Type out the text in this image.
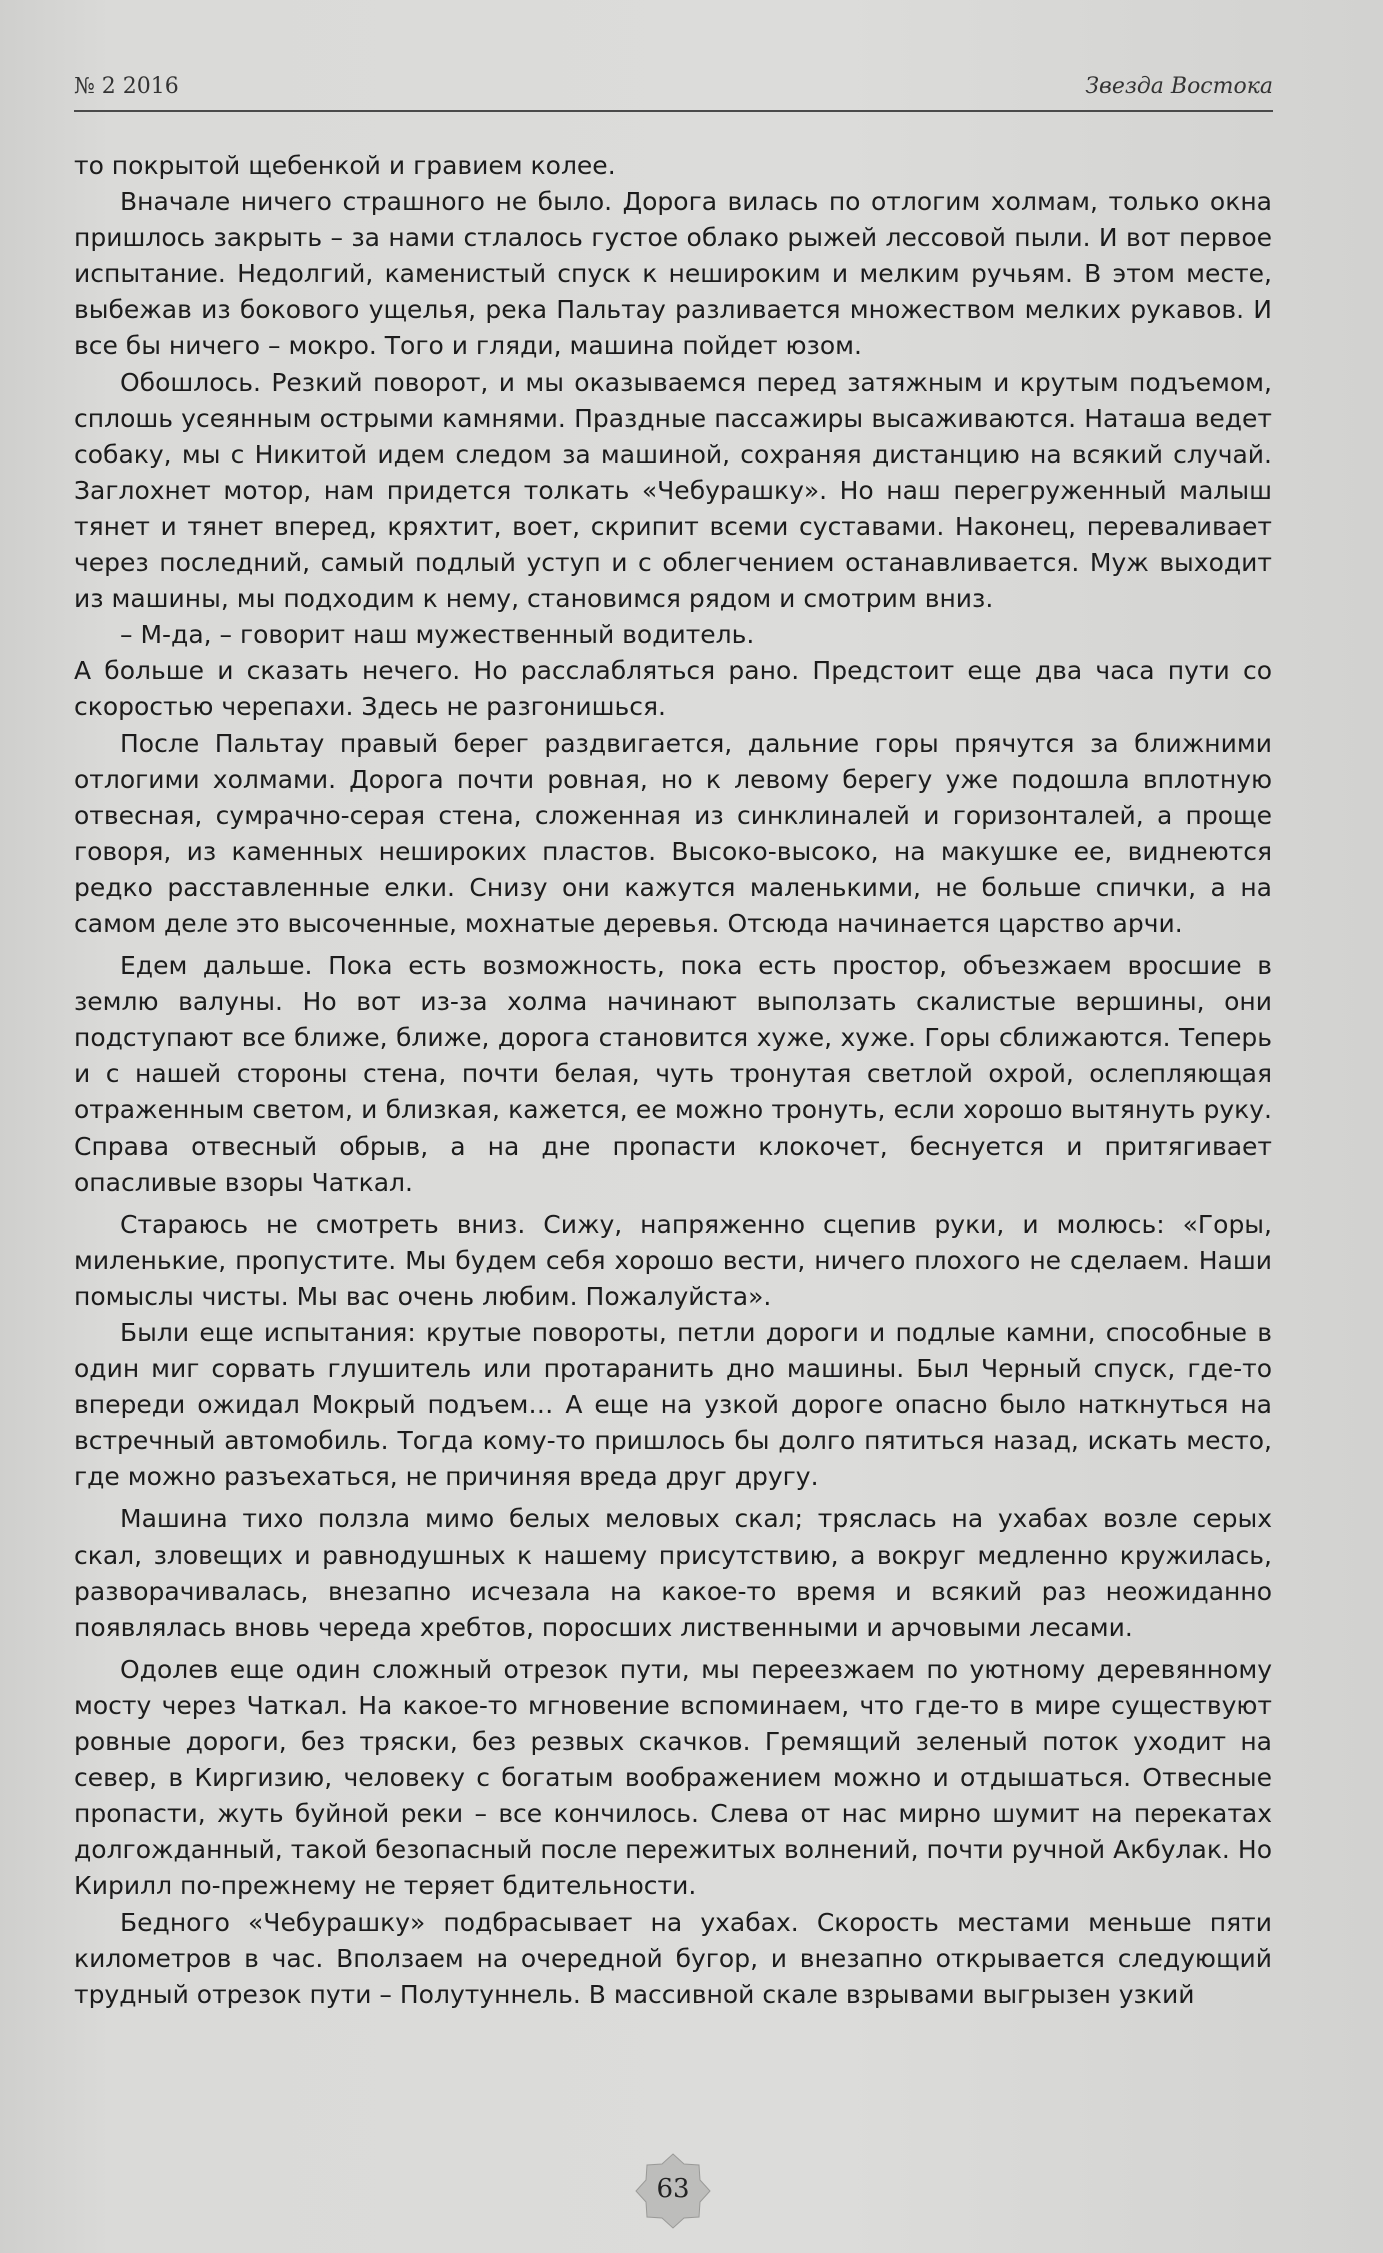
№ 2 2016	Звезда Востока

то покрытой щебенкой и гравием колее.

Вначале ничего страшного не было. Дорога вилась по отлогим холмам, только окна пришлось закрыть – за нами стлалось густое облако рыжей лессовой пыли. И вот первое испытание. Недолгий, каменистый спуск к нешироким и мелким ручьям. В этом месте, выбежав из бокового ущелья, река Пальтау разливается множеством мелких рукавов. И все бы ничего – мокро. Того и гляди, машина пойдет юзом.

Обошлось. Резкий поворот, и мы оказываемся перед затяжным и крутым подъемом, сплошь усеянным острыми камнями. Праздные пассажиры высаживаются. Наташа ведет собаку, мы с Никитой идем следом за машиной, сохраняя дистанцию на всякий случай. Заглохнет мотор, нам придется толкать «Чебурашку». Но наш перегруженный малыш тянет и тянет вперед, кряхтит, воет, скрипит всеми суставами. Наконец, переваливает через последний, самый подлый уступ и с облегчением останавливается. Муж выходит из машины, мы подходим к нему, становимся рядом и смотрим вниз.

– М-да, – говорит наш мужественный водитель.

А больше и сказать нечего. Но расслабляться рано. Предстоит еще два часа пути со скоростью черепахи. Здесь не разгонишься.

После Пальтау правый берег раздвигается, дальние горы прячутся за ближними отлогими холмами. Дорога почти ровная, но к левому берегу уже подошла вплотную отвесная, сумрачно-серая стена, сложенная из синклиналей и горизонталей, а проще говоря, из каменных неширокиx пластов. Высоко-высоко, на макушке ее, виднеются редко расставленные елки. Снизу они кажутся маленькими, не больше спички, а на самом деле это высоченные, мохнатые деревья. Отсюда начинается царство арчи.

Едем дальше. Пока есть возможность, пока есть простор, объезжаем вросшие в землю валуны. Но вот из-за холма начинают выползать скалистые вершины, они подступают все ближе, ближе, дорога становится хуже, хуже. Горы сближаются. Теперь и с нашей стороны стена, почти белая, чуть тронутая светлой охрой, ослепляющая отраженным светом, и близкая, кажется, ее можно тронуть, если хорошо вытянуть руку. Справа отвесный обрыв, а на дне пропасти клокочет, беснуется и притягивает опасливые взоры Чаткал.

Стараюсь не смотреть вниз. Сижу, напряженно сцепив руки, и молюсь: «Горы, миленькие, пропустите. Мы будем себя хорошо вести, ничего плохого не сделаем. Наши помыслы чисты. Мы вас очень любим. Пожалуйста».

Были еще испытания: крутые повороты, петли дороги и подлые камни, способные в один миг сорвать глушитель или протаранить дно машины. Был Черный спуск, где-то впереди ожидал Мокрый подъем… А еще на узкой дороге опасно было наткнуться на встречный автомобиль. Тогда кому-то пришлось бы долго пятиться назад, искать место, где можно разъехаться, не причиняя вреда друг другу.

Машина тихо ползла мимо белых меловых скал; тряслась на ухабах возле серых скал, зловещих и равнодушных к нашему присутствию, а вокруг медленно кружилась, разворачивалась, внезапно исчезала на какое-то время и всякий раз неожиданно появлялась вновь череда хребтов, поросших лиственными и арчовыми лесами.

Одолев еще один сложный отрезок пути, мы переезжаем по уютному деревянному мосту через Чаткал. На какое-то мгновение вспоминаем, что где-то в мире существуют ровные дороги, без тряски, без резвых скачков. Гремящий зеленый поток уходит на север, в Киргизию, человеку с богатым воображением можно и отдышаться. Отвесные пропасти, жуть буйной реки – все кончилось. Слева от нас мирно шумит на перекатах долгожданный, такой безопасный после пережитых волнений, почти ручной Акбулак. Но Кирилл по-прежнему не теряет бдительности.

Бедного «Чебурашку» подбрасывает на ухабах. Скорость местами меньше пяти километров в час. Вползаем на очередной бугор, и внезапно открывается следующий трудный отрезок пути – Полутуннель. В массивной скале взрывами выгрызен узкий

63
